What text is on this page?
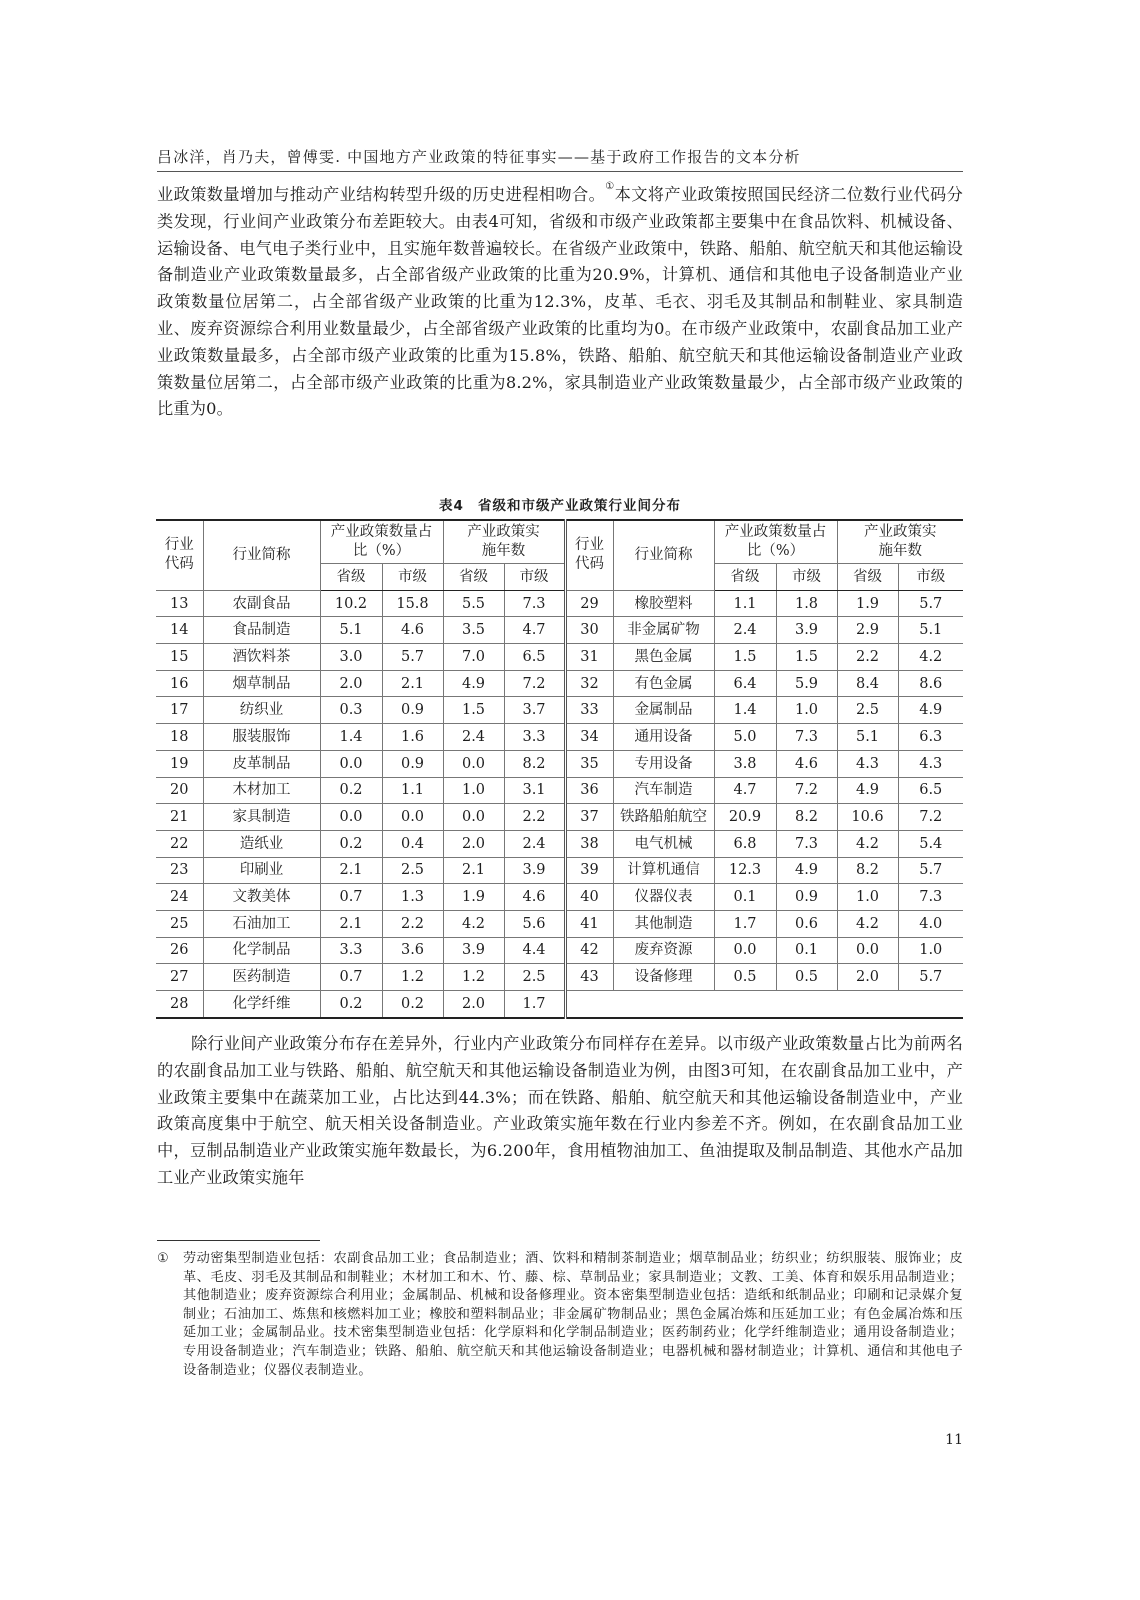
吕冰洋，肖乃夫，曾傅雯. 中国地方产业政策的特征事实——基于政府工作报告的文本分析

业政策数量增加与推动产业结构转型升级的历史进程相吻合。①本文将产业政策按照国民经济二位数行业代码分类发现，行业间产业政策分布差距较大。由表4可知，省级和市级产业政策都主要集中在食品饮料、机械设备、运输设备、电气电子类行业中，且实施年数普遍较长。在省级产业政策中，铁路、船舶、航空航天和其他运输设备制造业产业政策数量最多，占全部省级产业政策的比重为20.9%，计算机、通信和其他电子设备制造业产业政策数量位居第二，占全部省级产业政策的比重为12.3%，皮革、毛衣、羽毛及其制品和制鞋业、家具制造业、废弃资源综合利用业数量最少，占全部省级产业政策的比重均为0。在市级产业政策中，农副食品加工业产业政策数量最多，占全部市级产业政策的比重为15.8%，铁路、船舶、航空航天和其他运输设备制造业产业政策数量位居第二，占全部市级产业政策的比重为8.2%，家具制造业产业政策数量最少，占全部市级产业政策的比重为0。

表4 省级和市级产业政策行业间分布
行业代码	行业简称	产业政策数量占比（%）		产业政策实施年数		行业代码	行业简称	产业政策数量占比（%）		产业政策实施年数	
		省级	市级	省级	市级			省级	市级	省级	市级
13	农副食品	10.2	15.8	5.5	7.3	29	橡胶塑料	1.1	1.8	1.9	5.7
14	食品制造	5.1	4.6	3.5	4.7	30	非金属矿物	2.4	3.9	2.9	5.1
15	酒饮料茶	3.0	5.7	7.0	6.5	31	黑色金属	1.5	1.5	2.2	4.2
16	烟草制品	2.0	2.1	4.9	7.2	32	有色金属	6.4	5.9	8.4	8.6
17	纺织业	0.3	0.9	1.5	3.7	33	金属制品	1.4	1.0	2.5	4.9
18	服装服饰	1.4	1.6	2.4	3.3	34	通用设备	5.0	7.3	5.1	6.3
19	皮革制品	0.0	0.9	0.0	8.2	35	专用设备	3.8	4.6	4.3	4.3
20	木材加工	0.2	1.1	1.0	3.1	36	汽车制造	4.7	7.2	4.9	6.5
21	家具制造	0.0	0.0	0.0	2.2	37	铁路船舶航空	20.9	8.2	10.6	7.2
22	造纸业	0.2	0.4	2.0	2.4	38	电气机械	6.8	7.3	4.2	5.4
23	印刷业	2.1	2.5	2.1	3.9	39	计算机通信	12.3	4.9	8.2	5.7
24	文教美体	0.7	1.3	1.9	4.6	40	仪器仪表	0.1	0.9	1.0	7.3
25	石油加工	2.1	2.2	4.2	5.6	41	其他制造	1.7	0.6	4.2	4.0
26	化学制品	3.3	3.6	3.9	4.4	42	废弃资源	0.0	0.1	0.0	1.0
27	医药制造	0.7	1.2	1.2	2.5	43	设备修理	0.5	0.5	2.0	5.7
28	化学纤维	0.2	0.2	2.0	1.7						

除行业间产业政策分布存在差异外，行业内产业政策分布同样存在差异。以市级产业政策数量占比为前两名的农副食品加工业与铁路、船舶、航空航天和其他运输设备制造业为例，由图3可知，在农副食品加工业中，产业政策主要集中在蔬菜加工业，占比达到44.3%；而在铁路、船舶、航空航天和其他运输设备制造业中，产业政策高度集中于航空、航天相关设备制造业。产业政策实施年数在行业内参差不齐。例如，在农副食品加工业中，豆制品制造业产业政策实施年数最长，为6.200年，食用植物油加工、鱼油提取及制品制造、其他水产品加工业产业政策实施年

① 劳动密集型制造业包括：农副食品加工业；食品制造业；酒、饮料和精制茶制造业；烟草制品业；纺织业；纺织服装、服饰业；皮革、毛皮、羽毛及其制品和制鞋业；木材加工和木、竹、藤、棕、草制品业；家具制造业；文教、工美、体育和娱乐用品制造业；其他制造业；废弃资源综合利用业；金属制品、机械和设备修理业。资本密集型制造业包括：造纸和纸制品业；印刷和记录媒介复制业；石油加工、炼焦和核燃料加工业；橡胶和塑料制品业；非金属矿物制品业；黑色金属冶炼和压延加工业；有色金属冶炼和压延加工业；金属制品业。技术密集型制造业包括：化学原料和化学制品制造业；医药制药业；化学纤维制造业；通用设备制造业；专用设备制造业；汽车制造业；铁路、船舶、航空航天和其他运输设备制造业；电器机械和器材制造业；计算机、通信和其他电子设备制造业；仪器仪表制造业。
11
